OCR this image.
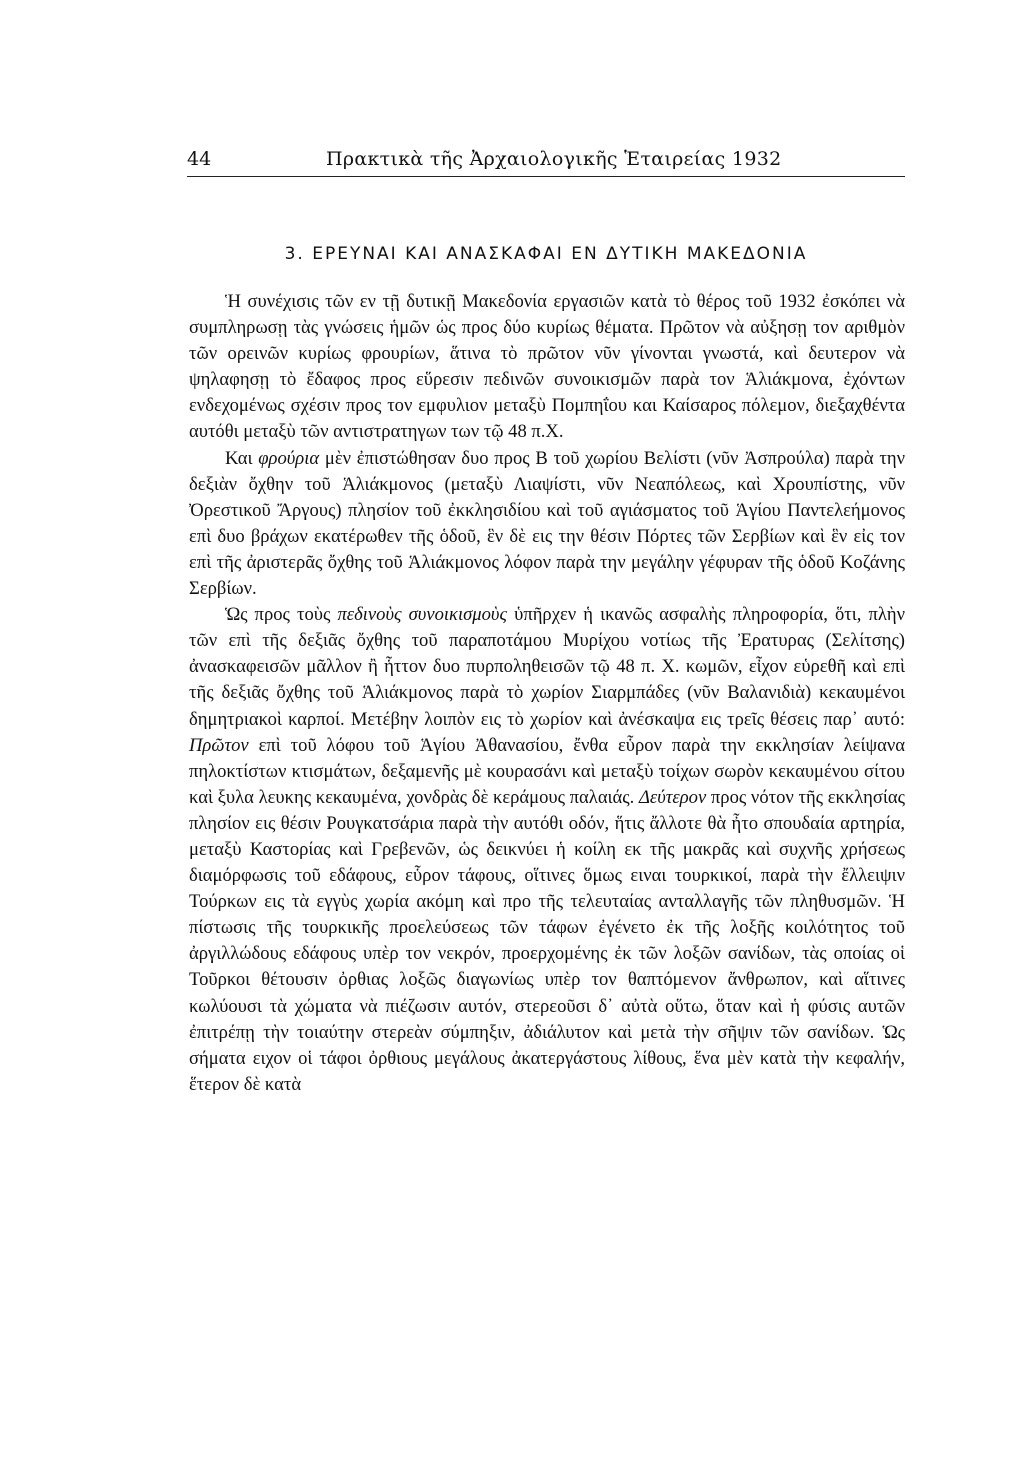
44	Πρακτικὰ τῆς Ἀρχαιολογικῆς Ἑταιρείας 1932
3. ΕΡΕΥΝΑΙ ΚΑΙ ΑΝΑΣΚΑΦΑΙ ΕΝ ΔΥΤΙΚΗ ΜΑΚΕΔΟΝΙΑ

Ἡ συνέχισις τῶν εν τῇ δυτικῇ Μακεδονία εργασιῶν κατὰ τὸ θέρος τοῦ 1932 ἐσκόπει νὰ συμπληρωσῃ τὰς γνώσεις ἡμῶν ὡς προς δύο κυρίως θέματα. Πρῶτον νὰ αὐξησῃ τον αριθμὸν τῶν ορεινῶν κυρίως φρουρίων, ἅτινα τὸ πρῶτον νῦν γίνονται γνωστά, καὶ δευτερον νὰ ψηλαφησῃ τὸ ἔδαφος προς εὕρεσιν πεδινῶν συνοικισμῶν παρὰ τον Ἁλιάκμονα, ἐχόντων ενδεχομένως σχέσιν προς τον εμφυλιον μεταξὺ Πομπηΐου και Καίσαρος πόλεμον, διεξαχθέντα αυτόθι μεταξὺ τῶν αντιστρατηγων των τῷ 48 π.Χ.

Και φρούρια μὲν ἐπιστώθησαν δυο προς Β τοῦ χωρίου Βελίστι (νῦν Ἀσπρούλα) παρὰ την δεξιὰν ὄχθην τοῦ Ἁλιάκμονος (μεταξὺ Λιαψίστι, νῦν Νεαπόλεως, καὶ Χρουπίστης, νῦν Ὀρεστικοῦ Ἄργους) πλησίον τοῦ ἐκκλησιδίου καὶ τοῦ αγιάσματος τοῦ Ἁγίου Παντελεήμονος επὶ δυο βράχων εκατέρωθεν τῆς ὁδοῦ, ἓν δὲ εις την θέσιν Πόρτες τῶν Σερβίων καὶ ἓν εἰς τον επὶ τῆς ἀριστερᾶς ὄχθης τοῦ Ἁλιάκμονος λόφον παρὰ την μεγάλην γέφυραν τῆς ὁδοῦ Κοζάνης Σερβίων.

Ὡς προς τοὺς πεδινοὺς συνοικισμοὺς ὑπῆρχεν ἡ ικανῶς ασφαλὴς πληροφορία, ὅτι, πλὴν τῶν επὶ τῆς δεξιᾶς ὄχθης τοῦ παραποτάμου Μυρίχου νοτίως τῆς Ἐρατυρας (Σελίτσης) ἀνασκαφεισῶν μᾶλλον ἢ ἧττον δυο πυρποληθεισῶν τῷ 48 π. Χ. κωμῶν, εἶχον εὑρεθῆ καὶ επὶ τῆς δεξιᾶς ὄχθης τοῦ Ἁλιάκμονος παρὰ τὸ χωρίον Σιαρμπάδες (νῦν Βαλανιδιὰ) κεκαυμένοι δημητριακοὶ καρποί. Μετέβην λοιπὸν εις τὸ χωρίον καὶ ἀνέσκαψα εις τρεῖς θέσεις παρ᾽ αυτό: Πρῶτον επὶ τοῦ λόφου τοῦ Ἁγίου Ἀθανασίου, ἔνθα εὗρον παρὰ την εκκλησίαν λείψανα πηλοκτίστων κτισμάτων, δεξαμενῆς μὲ κουρασάνι καὶ μεταξὺ τοίχων σωρὸν κεκαυμένου σίτου καὶ ξυλα λευκης κεκαυμένα, χονδρὰς δὲ κεράμους παλαιάς. Δεύτερον προς νότον τῆς εκκλησίας πλησίον εις θέσιν Ρουγκατσάρια παρὰ τὴν αυτόθι οδόν, ἥτις ἄλλοτε θὰ ἦτο σπουδαία αρτηρία, μεταξὺ Καστορίας καὶ Γρεβενῶν, ὡς δεικνύει ἡ κοίλη εκ τῆς μακρᾶς καὶ συχνῆς χρήσεως διαμόρφωσις τοῦ εδάφους, εὗρον τάφους, οἵτινες ὅμως ειναι τουρκικοί, παρὰ τὴν ἔλλειψιν Τούρκων εις τὰ εγγὺς χωρία ακόμη καὶ προ τῆς τελευταίας ανταλλαγῆς τῶν πληθυσμῶν. Ἡ πίστωσις τῆς τουρκικῆς προελεύσεως τῶν τάφων ἐγένετο ἐκ τῆς λοξῆς κοιλότητος τοῦ ἀργιλλώδους εδάφους υπὲρ τον νεκρόν, προερχομένης ἐκ τῶν λοξῶν σανίδων, τὰς οποίας οἱ Τοῦρκοι θέτουσιν ὀρθιας λοξῶς διαγωνίως υπὲρ τον θαπτόμενον ἄνθρωπον, καὶ αἵτινες κωλύουσι τὰ χώματα νὰ πιέζωσιν αυτόν, στερεοῦσι δ᾽ αὐτὰ οὕτω, ὅταν καὶ ἡ φύσις αυτῶν ἐπιτρέπῃ τὴν τοιαύτην στερεὰν σύμπηξιν, ἀδιάλυτον καὶ μετὰ τὴν σῆψιν τῶν σανίδων. Ὡς σήματα ειχον οἱ τάφοι ὀρθιους μεγάλους ἀκατεργάστους λίθους, ἕνα μὲν κατὰ τὴν κεφαλήν, ἕτερον δὲ κατὰ
